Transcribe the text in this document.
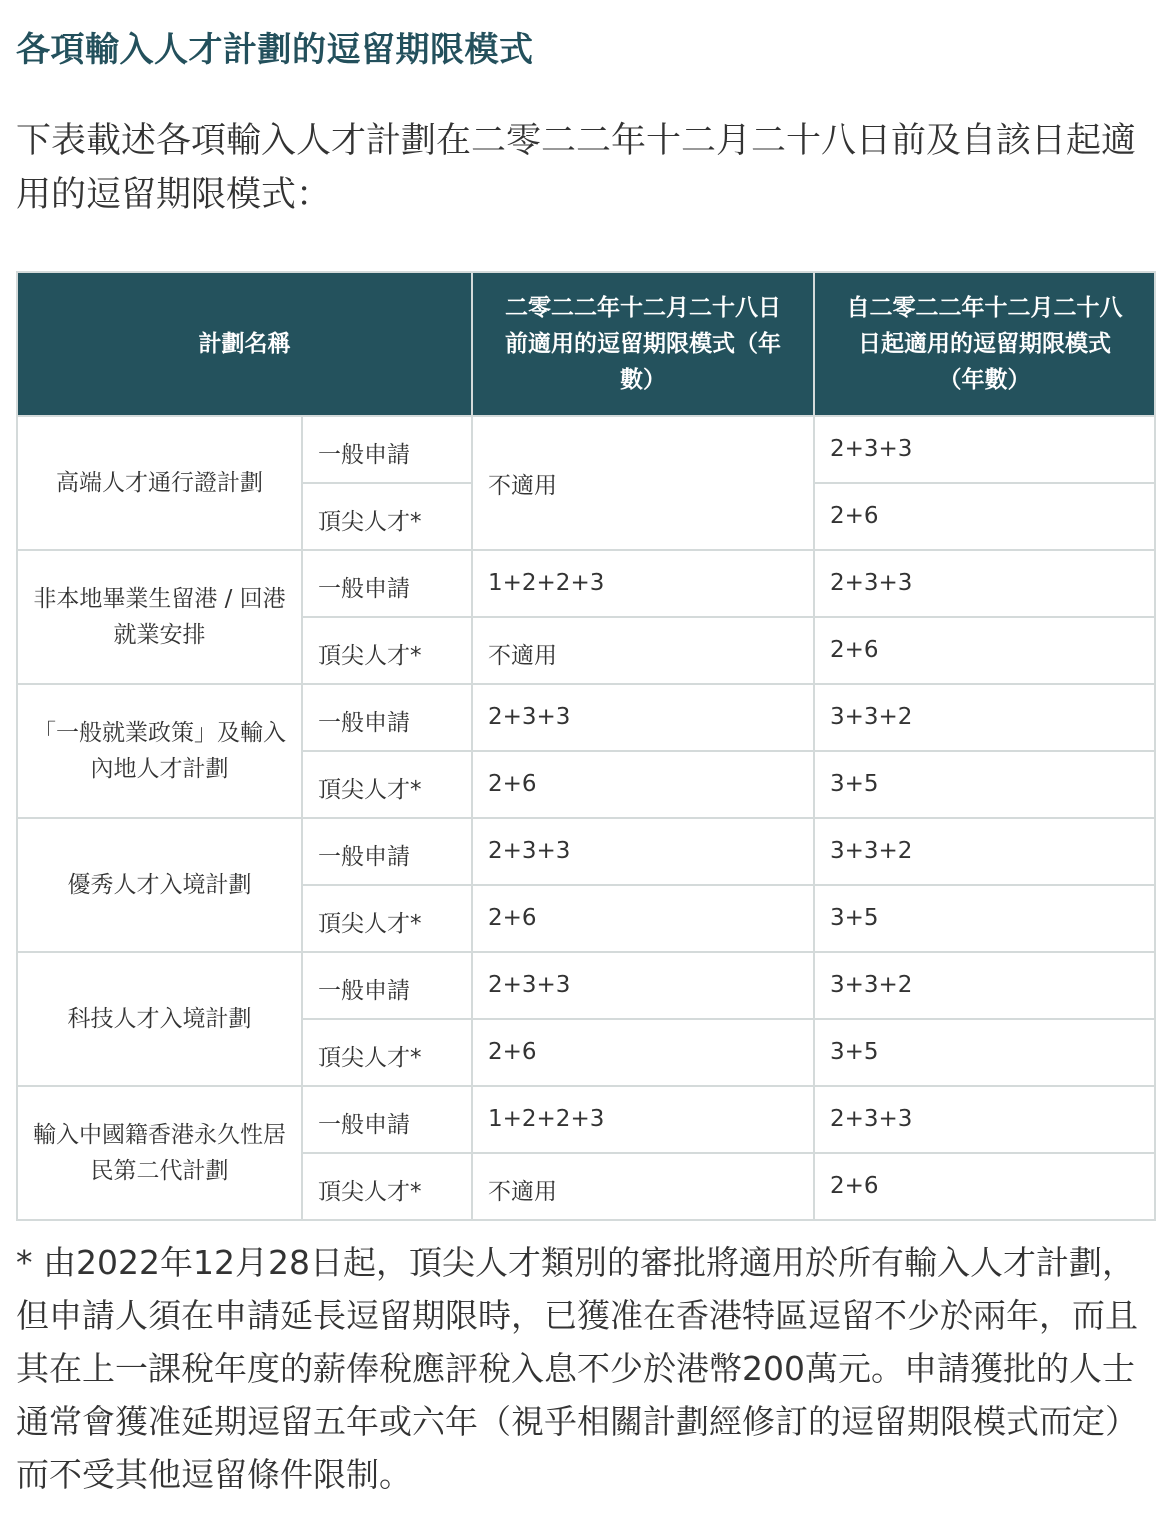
各項輸入人才計劃的逗留期限模式
下表載述各項輸入人才計劃在二零二二年十二月二十八日前及自該日起適用的逗留期限模式：
計劃名稱		二零二二年十二月二十八日前適用的逗留期限模式（年數）	自二零二二年十二月二十八日起適用的逗留期限模式（年數）
高端人才通行證計劃	一般申請	不適用	2+3+3
	頂尖人才*		2+6
非本地畢業生留港 / 回港就業安排	一般申請	1+2+2+3	2+3+3
	頂尖人才*	不適用	2+6
「一般就業政策」及輸入內地人才計劃	一般申請	2+3+3	3+3+2
	頂尖人才*	2+6	3+5
優秀人才入境計劃	一般申請	2+3+3	3+3+2
	頂尖人才*	2+6	3+5
科技人才入境計劃	一般申請	2+3+3	3+3+2
	頂尖人才*	2+6	3+5
輸入中國籍香港永久性居民第二代計劃	一般申請	1+2+2+3	2+3+3
	頂尖人才*	不適用	2+6
* 由2022年12月28日起，頂尖人才類別的審批將適用於所有輸入人才計劃，但申請人須在申請延長逗留期限時，已獲准在香港特區逗留不少於兩年，而且其在上一課稅年度的薪俸稅應評稅入息不少於港幣200萬元。申請獲批的人士通常會獲准延期逗留五年或六年（視乎相關計劃經修訂的逗留期限模式而定）而不受其他逗留條件限制。
